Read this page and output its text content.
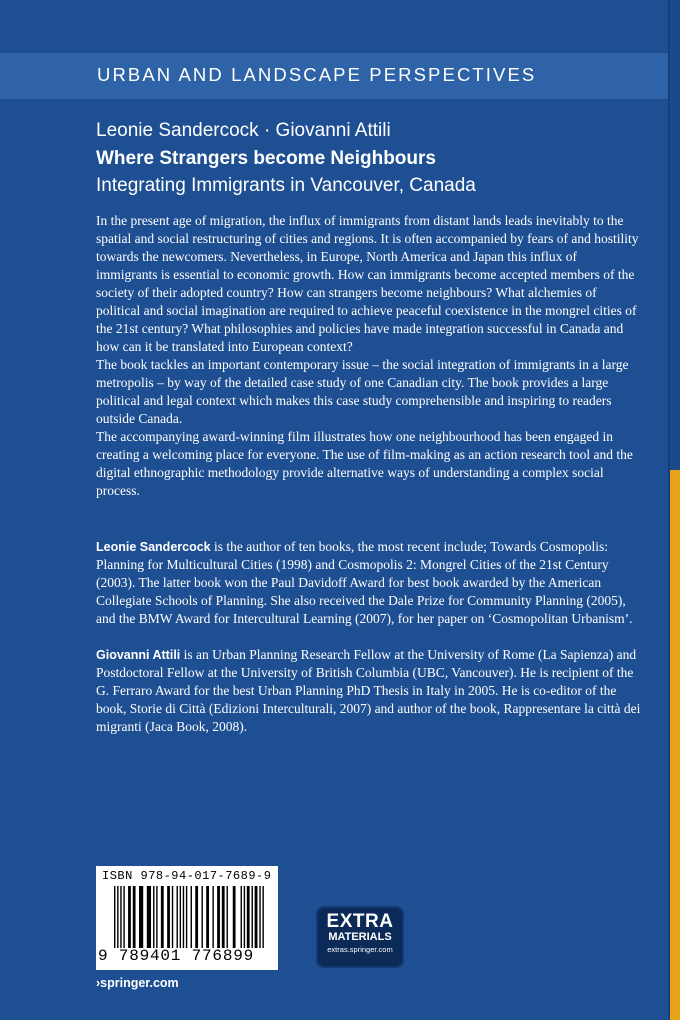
URBAN AND LANDSCAPE PERSPECTIVES
Leonie Sandercock · Giovanni Attili
Where Strangers become Neighbours
Integrating Immigrants in Vancouver, Canada

In the present age of migration, the influx of immigrants from distant lands leads inevitably to the spatial and social restructuring of cities and regions. It is often accompanied by fears of and hostility towards the newcomers. Nevertheless, in Europe, North America and Japan this influx of immigrants is essential to economic growth. How can immigrants become accepted members of the society of their adopted country? How can strangers become neighbours? What alchemies of political and social imagination are required to achieve peaceful coexistence in the mongrel cities of the 21st century? What philosophies and policies have made integration successful in Canada and how can it be translated into European context?

The book tackles an important contemporary issue – the social integration of immigrants in a large metropolis – by way of the detailed case study of one Canadian city. The book provides a large political and legal context which makes this case study comprehensible and inspiring to readers outside Canada.

The accompanying award-winning film illustrates how one neighbourhood has been engaged in creating a welcoming place for everyone. The use of film-making as an action research tool and the digital ethnographic methodology provide alternative ways of understanding a complex social process.

Leonie Sandercock is the author of ten books, the most recent include; Towards Cosmopolis: Planning for Multicultural Cities (1998) and Cosmopolis 2: Mongrel Cities of the 21st Century (2003). The latter book won the Paul Davidoff Award for best book awarded by the American Collegiate Schools of Planning. She also received the Dale Prize for Community Planning (2005), and the BMW Award for Intercultural Learning (2007), for her paper on ‘Cosmopolitan Urbanism’.

Giovanni Attili is an Urban Planning Research Fellow at the University of Rome (La Sapienza) and Postdoctoral Fellow at the University of British Columbia (UBC, Vancouver). He is recipient of the G. Ferraro Award for the best Urban Planning PhD Thesis in Italy in 2005. He is co-editor of the book, Storie di Città (Edizioni Interculturali, 2007) and author of the book, Rappresentare la città dei migranti (Jaca Book, 2008).

ISBN 978-94-017-7689-9
9 789401 776899
EXTRA
MATERIALS
extras.springer.com
›springer.com
